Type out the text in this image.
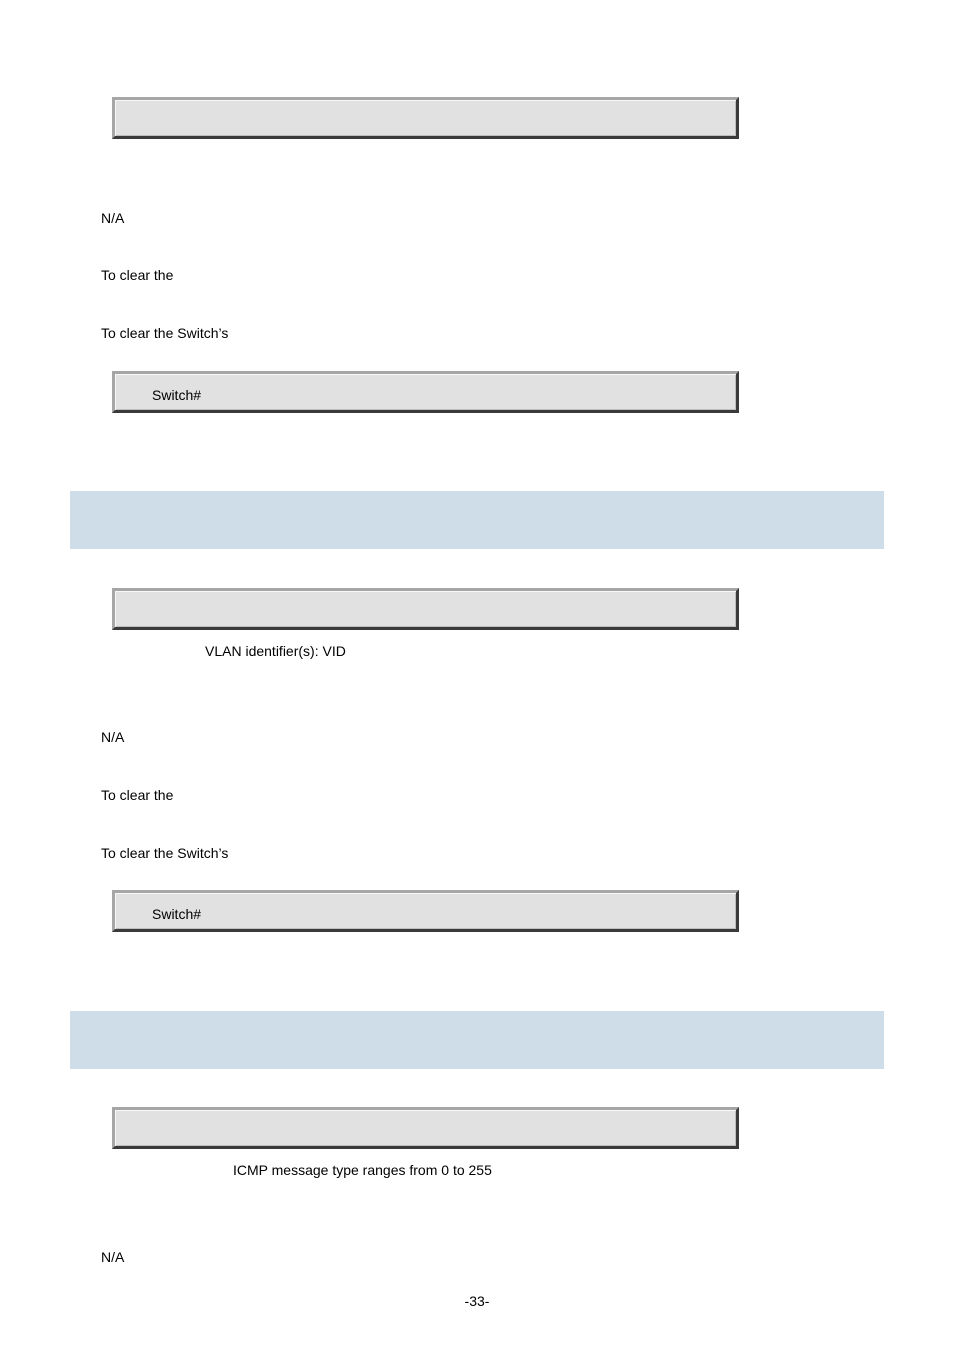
N/A
To clear the
To clear the Switch’s
Switch#
VLAN identifier(s): VID
N/A
To clear the
To clear the Switch’s
Switch#
ICMP message type ranges from 0 to 255
N/A
-33-
